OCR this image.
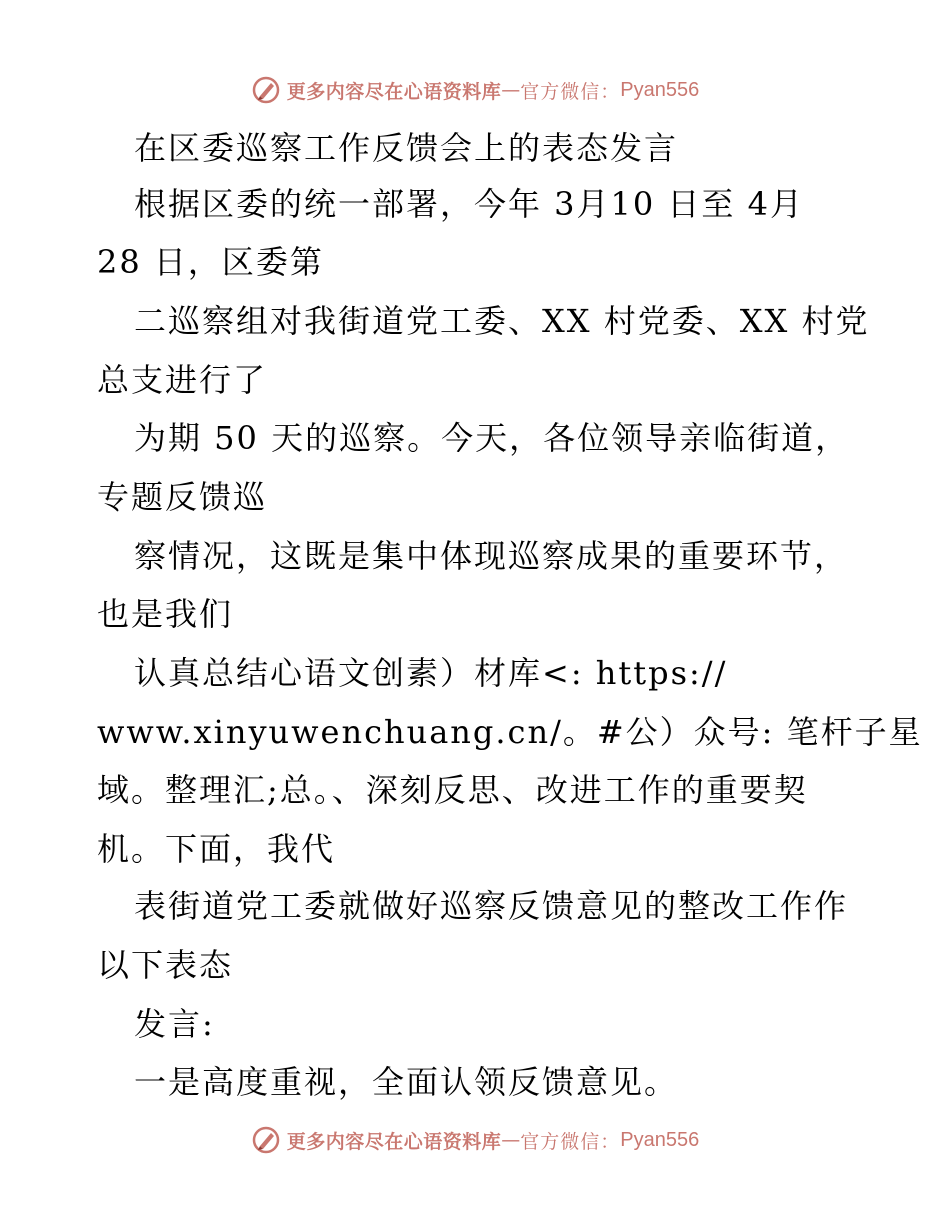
更多内容尽在心语资料库 — 官方微信： Pyan556
在区委巡察工作反馈会上的表态发言
根据区委的统一部署，今年 3月10 日至 4月
28 日，区委第
二巡察组对我街道党工委、XX 村党委、XX 村党
总支进行了
为期 50 天的巡察。今天，各位领导亲临街道，
专题反馈巡
察情况，这既是集中体现巡察成果的重要环节，
也是我们
认真总结心语文创素）材库<: https://
www.xinyuwenchuang.cn/。#公）众号: 笔杆子星
域。整理汇;总。、深刻反思、改进工作的重要契
机。下面，我代
表街道党工委就做好巡察反馈意见的整改工作作
以下表态
发言:
一是高度重视，全面认领反馈意见。
更多内容尽在心语资料库 — 官方微信： Pyan556
